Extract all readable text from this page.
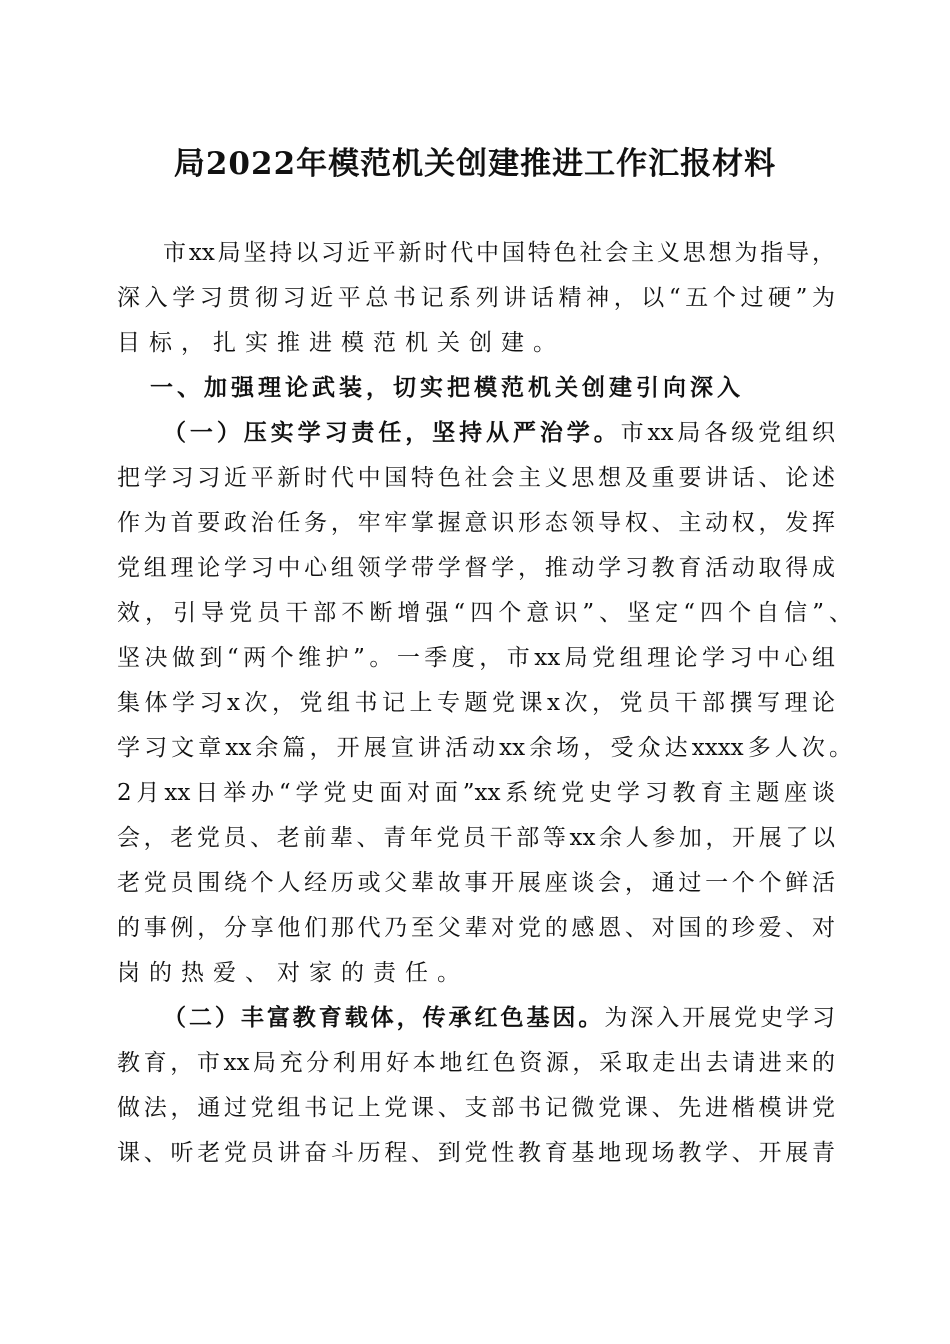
局2022年模范机关创建推进工作汇报材料
市xx局坚持以习近平新时代中国特色社会主义思想为指导，
深入学习贯彻习近平总书记系列讲话精神，以“五个过硬”为
目标，扎实推进模范机关创建。
一、加强理论武装，切实把模范机关创建引向深入
（一）压实学习责任，坚持从严治学。市xx局各级党组织
把学习习近平新时代中国特色社会主义思想及重要讲话、论述
作为首要政治任务，牢牢掌握意识形态领导权、主动权，发挥
党组理论学习中心组领学带学督学，推动学习教育活动取得成
效，引导党员干部不断增强“四个意识”、坚定“四个自信”、
坚决做到“两个维护”。一季度，市xx局党组理论学习中心组
集体学习x次，党组书记上专题党课x次，党员干部撰写理论
学习文章xx余篇，开展宣讲活动xx余场，受众达xxxx多人次。
2月xx日举办“学党史面对面”xx系统党史学习教育主题座谈
会，老党员、老前辈、青年党员干部等xx余人参加，开展了以
老党员围绕个人经历或父辈故事开展座谈会，通过一个个鲜活
的事例，分享他们那代乃至父辈对党的感恩、对国的珍爱、对
岗的热爱、对家的责任。
（二）丰富教育载体，传承红色基因。为深入开展党史学习
教育，市xx局充分利用好本地红色资源，采取走出去请进来的
做法，通过党组书记上党课、支部书记微党课、先进楷模讲党
课、听老党员讲奋斗历程、到党性教育基地现场教学、开展青
